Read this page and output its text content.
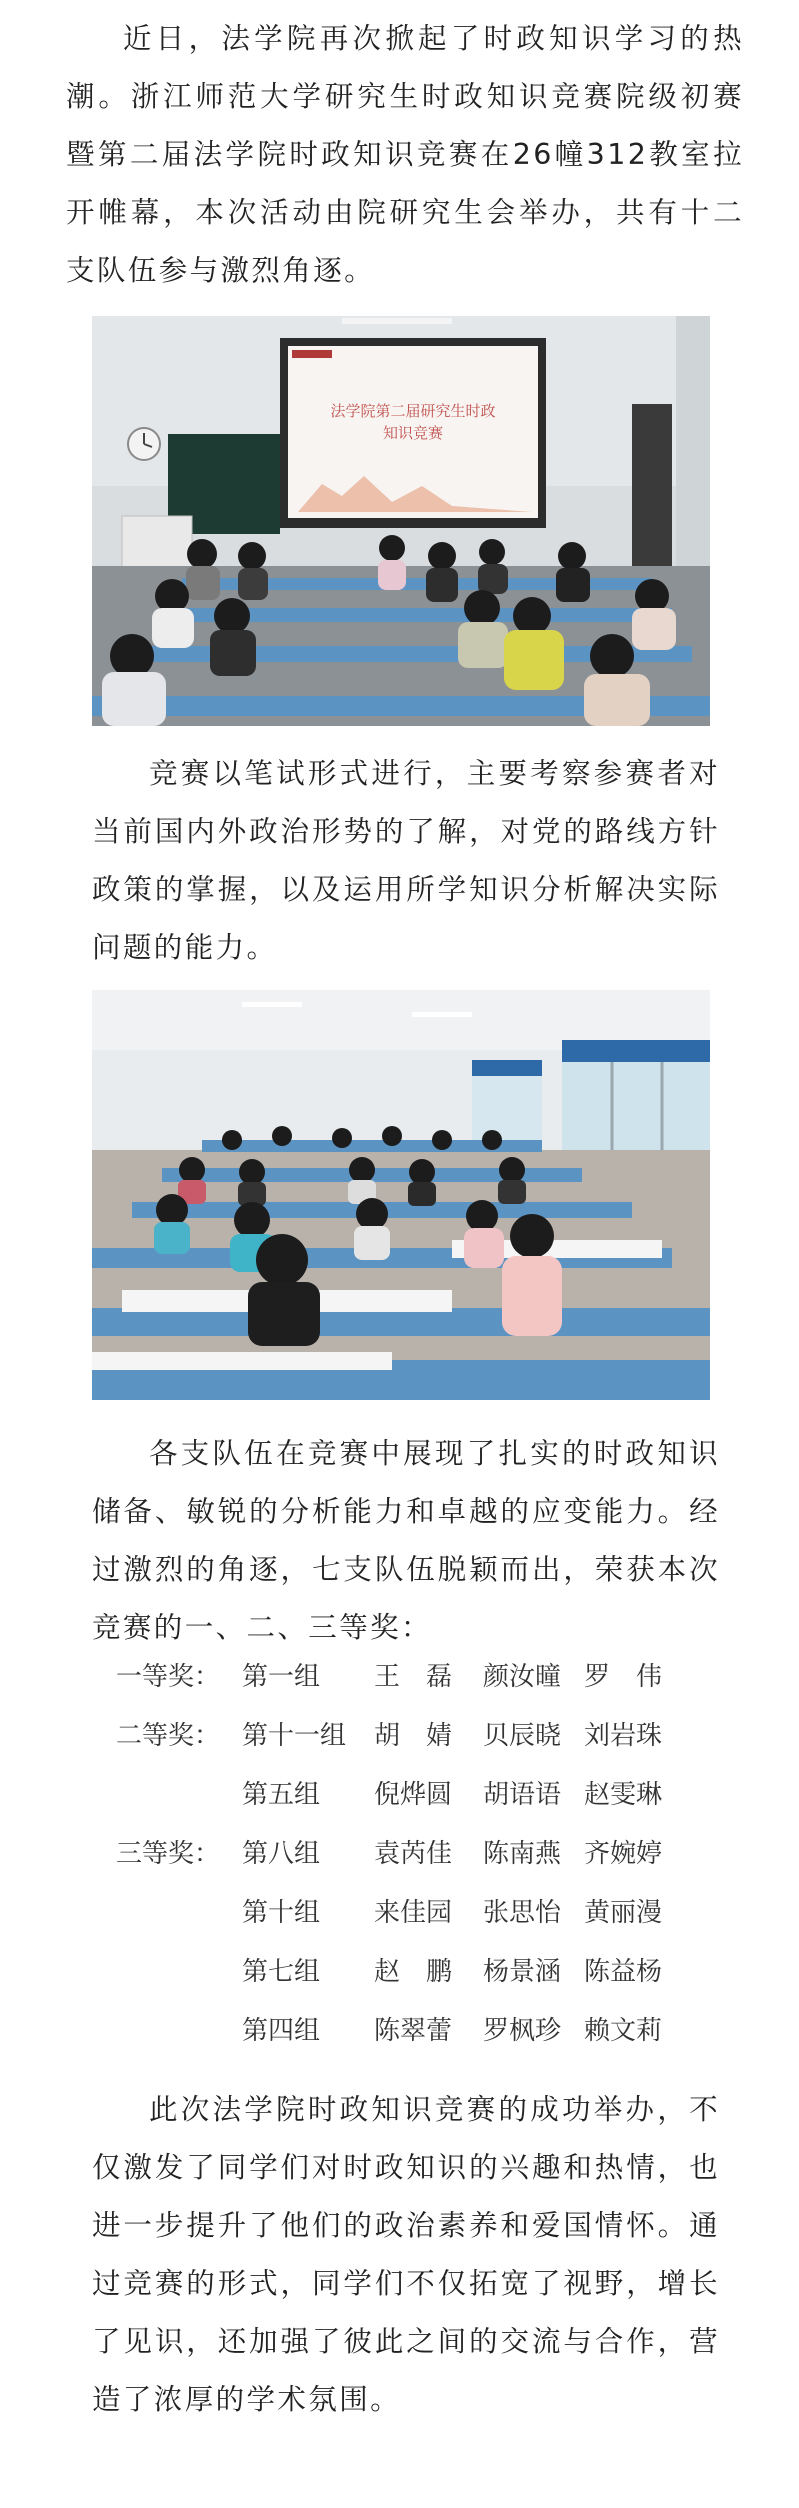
近日，法学院再次掀起了时政知识学习的热潮。浙江师范大学研究生时政知识竞赛院级初赛暨第二届法学院时政知识竞赛在26幢312教室拉开帷幕，本次活动由院研究生会举办，共有十二支队伍参与激烈角逐。

法学院第二届研究生时政
知识竞赛

竞赛以笔试形式进行，主要考察参赛者对当前国内外政治形势的了解，对党的路线方针政策的掌握，以及运用所学知识分析解决实际问题的能力。

各支队伍在竞赛中展现了扎实的时政知识储备、敏锐的分析能力和卓越的应变能力。经过激烈的角逐，七支队伍脱颖而出，荣获本次竞赛的一、二、三等奖：

一等奖： 第一组 王　磊 颜汝曈 罗　伟
二等奖： 第十一组 胡　婧 贝辰晓 刘岩珠
第五组 倪烨圆 胡语语 赵雯琳
三等奖： 第八组 袁芮佳 陈南燕 齐婉婷
第十组 来佳园 张思怡 黄丽漫
第七组 赵　鹏 杨景涵 陈益杨
第四组 陈翠蕾 罗枫珍 赖文莉

此次法学院时政知识竞赛的成功举办，不仅激发了同学们对时政知识的兴趣和热情，也进一步提升了他们的政治素养和爱国情怀。通过竞赛的形式，同学们不仅拓宽了视野，增长了见识，还加强了彼此之间的交流与合作，营造了浓厚的学术氛围。
